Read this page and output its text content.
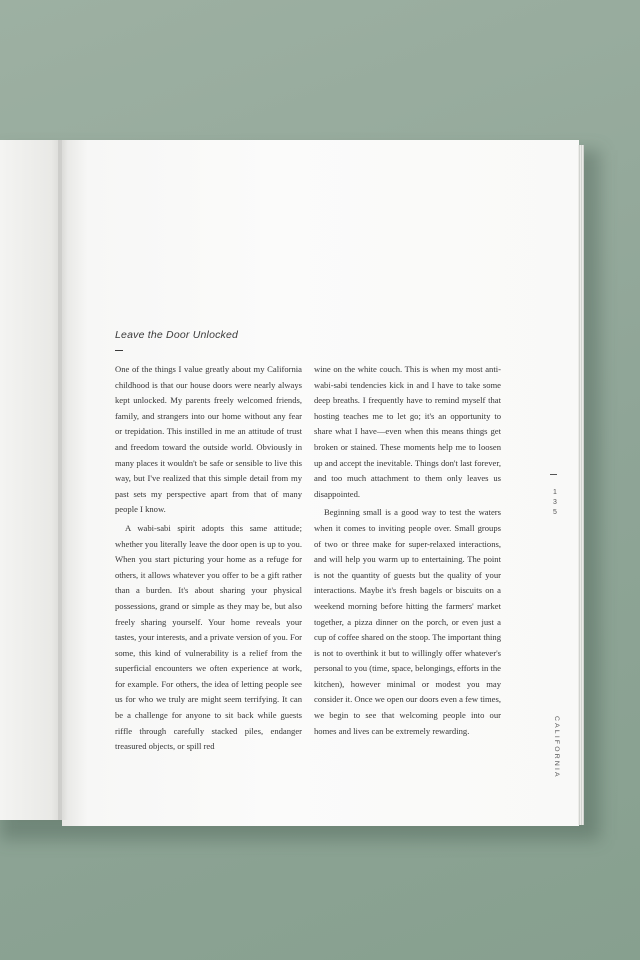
Leave the Door Unlocked

One of the things I value greatly about my California childhood is that our house doors were nearly always kept unlocked. My parents freely welcomed friends, family, and strangers into our home without any fear or trepidation. This instilled in me an attitude of trust and freedom toward the outside world. Obviously in many places it wouldn't be safe or sensible to live this way, but I've realized that this simple detail from my past sets my perspective apart from that of many people I know.

A wabi-sabi spirit adopts this same attitude; whether you literally leave the door open is up to you. When you start picturing your home as a refuge for others, it allows whatever you offer to be a gift rather than a burden. It's about sharing your physical possessions, grand or simple as they may be, but also freely sharing yourself. Your home reveals your tastes, your interests, and a private version of you. For some, this kind of vulnerability is a relief from the superficial encounters we often experience at work, for example. For others, the idea of letting people see us for who we truly are might seem terrifying. It can be a challenge for anyone to sit back while guests riffle through carefully stacked piles, endanger treasured objects, or spill red

wine on the white couch. This is when my most anti-wabi-sabi tendencies kick in and I have to take some deep breaths. I frequently have to remind myself that hosting teaches me to let go; it's an opportunity to share what I have—even when this means things get broken or stained. These moments help me to loosen up and accept the inevitable. Things don't last forever, and too much attachment to them only leaves us disappointed.

Beginning small is a good way to test the waters when it comes to inviting people over. Small groups of two or three make for super-relaxed interactions, and will help you warm up to entertaining. The point is not the quantity of guests but the quality of your interactions. Maybe it's fresh bagels or biscuits on a weekend morning before hitting the farmers' market together, a pizza dinner on the porch, or even just a cup of coffee shared on the stoop. The important thing is not to overthink it but to willingly offer whatever's personal to you (time, space, belongings, efforts in the kitchen), however minimal or modest you may consider it. Once we open our doors even a few times, we begin to see that welcoming people into our homes and lives can be extremely rewarding.

1
3
5
CALIFORNIA
